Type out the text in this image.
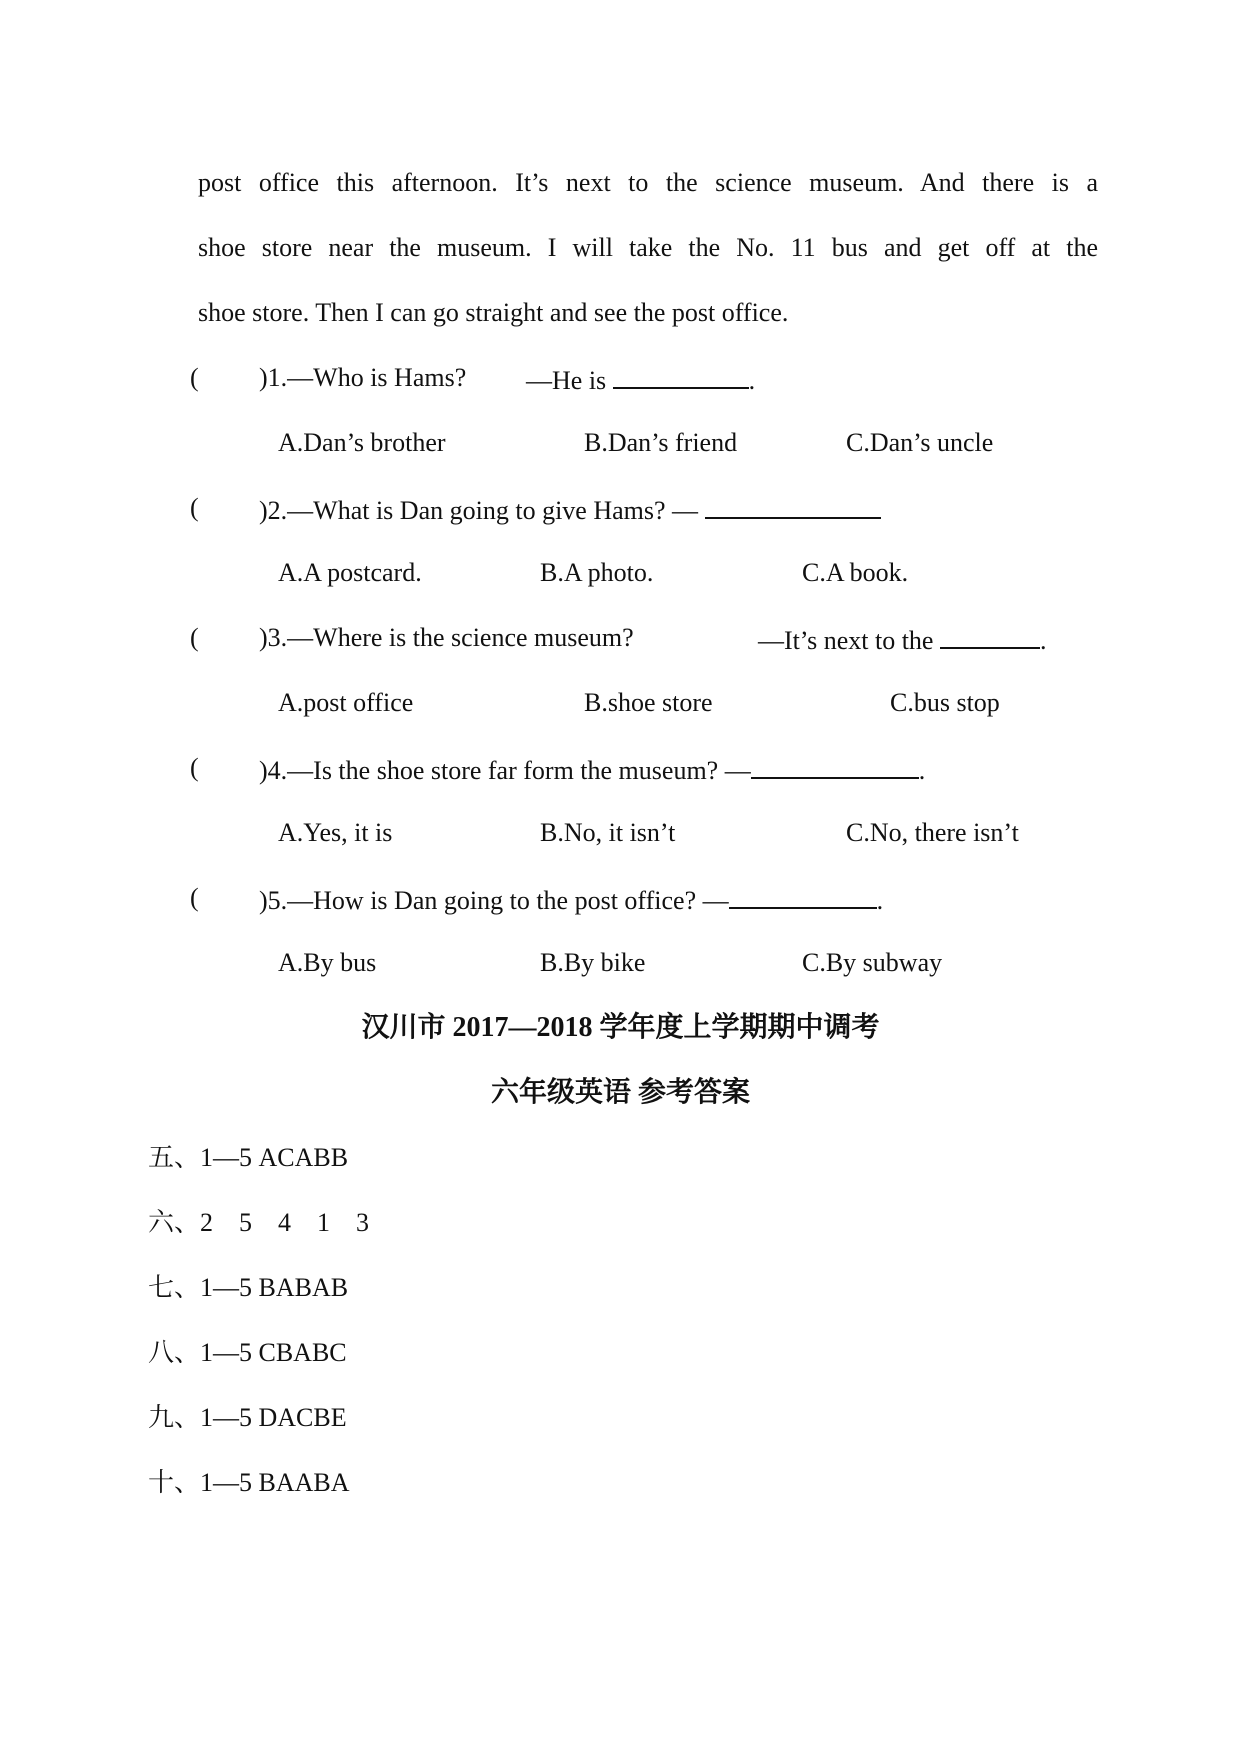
post office this afternoon. It’s next to the science museum. And there is a
shoe store near the museum. I will take the No. 11 bus and get off at the
shoe store. Then I can go straight and see the post office.
( )1.—Who is Hams? —He is	.
A.Dan’s brother	B.Dan’s friend	C.Dan’s uncle
( )2.—What is Dan going to give Hams? —
A.A postcard.	B.A photo.	C.A book.
( )3.—Where is the science museum?	—It’s next to the	.
A.post office	B.shoe store	C.bus stop
( )4.—Is the shoe store far form the museum? —	.
A.Yes, it is	B.No, it isn’t	C.No, there isn’t
( )5.—How is Dan going to the post office? —	.
A.By bus	B.By bike	C.By subway
汉川市 2017—2018 学年度上学期期中调考
六年级英语 参考答案
五、1—5 ACABB
六、2    5    4    1    3
七、1—5 BABAB
八、1—5 CBABC
九、1—5 DACBE
十、1—5 BAABA
